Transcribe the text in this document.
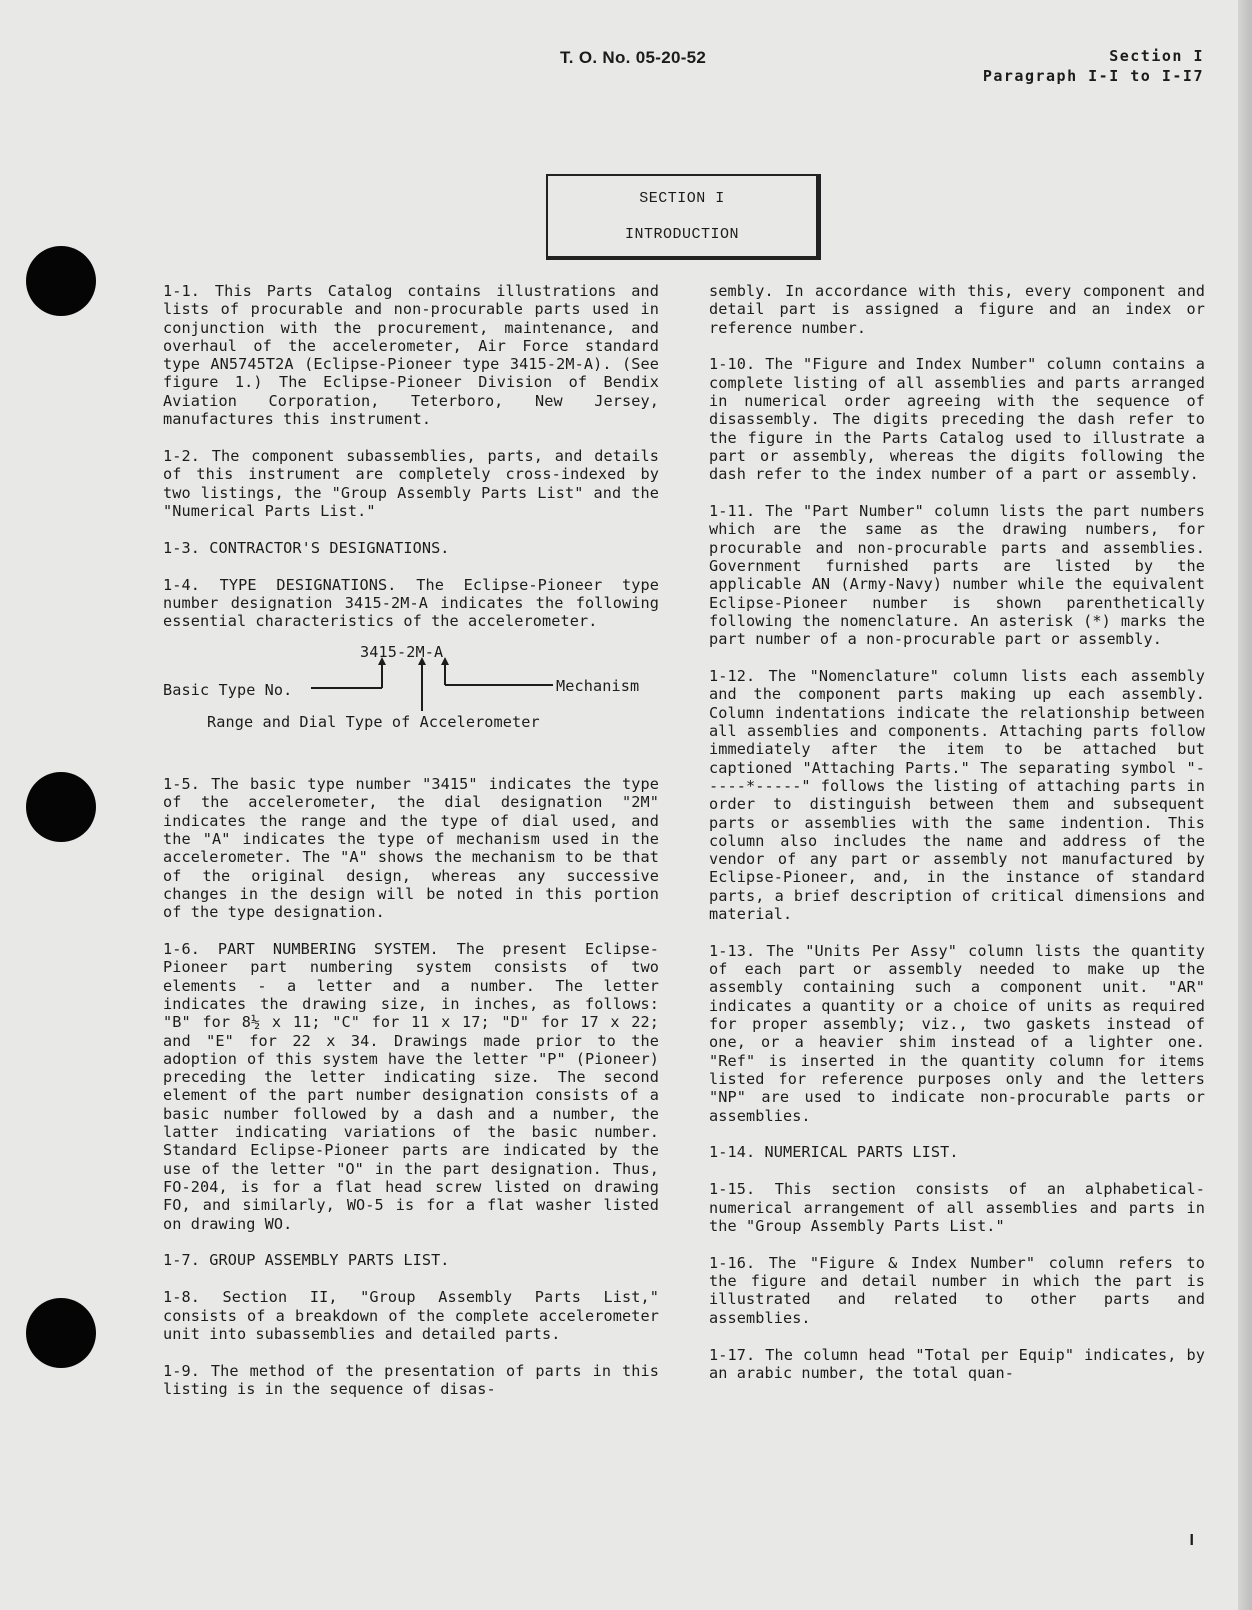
T. O. No. 05-20-52	Section I
Paragraph I-I to I-I7
SECTION I
INTRODUCTION

1-1. This Parts Catalog contains illustrations and lists of procurable and non-procurable parts used in conjunction with the procurement, maintenance, and overhaul of the accelerometer, Air Force standard type AN5745T2A (Eclipse-Pioneer type 3415-2M-A). (See figure 1.) The Eclipse-Pioneer Division of Bendix Aviation Corporation, Teterboro, New Jersey, manufactures this instrument.

1-2. The component subassemblies, parts, and details of this instrument are completely cross-indexed by two listings, the "Group Assembly Parts List" and the "Numerical Parts List."

1-3. CONTRACTOR'S DESIGNATIONS.

1-4. TYPE DESIGNATIONS. The Eclipse-Pioneer type number designation 3415-2M-A indicates the following essential characteristics of the accelerometer.

3415-2M-A
Basic Type No.	Mechanism
Range and Dial Type of Accelerometer

1-5. The basic type number "3415" indicates the type of the accelerometer, the dial designation "2M" indicates the range and the type of dial used, and the "A" indicates the type of mechanism used in the accelerometer. The "A" shows the mechanism to be that of the original design, whereas any successive changes in the design will be noted in this portion of the type designation.

1-6. PART NUMBERING SYSTEM. The present Eclipse-Pioneer part numbering system consists of two elements - a letter and a number. The letter indicates the drawing size, in inches, as follows: "B" for 8½ x 11; "C" for 11 x 17; "D" for 17 x 22; and "E" for 22 x 34. Drawings made prior to the adoption of this system have the letter "P" (Pioneer) preceding the letter indicating size. The second element of the part number designation consists of a basic number followed by a dash and a number, the latter indicating variations of the basic number. Standard Eclipse-Pioneer parts are indicated by the use of the letter "O" in the part designation. Thus, FO-204, is for a flat head screw listed on drawing FO, and similarly, WO-5 is for a flat washer listed on drawing WO.

1-7. GROUP ASSEMBLY PARTS LIST.

1-8. Section II, "Group Assembly Parts List," consists of a breakdown of the complete accelerometer unit into subassemblies and detailed parts.

1-9. The method of the presentation of parts in this listing is in the sequence of disas-

sembly. In accordance with this, every component and detail part is assigned a figure and an index or reference number.

1-10. The "Figure and Index Number" column contains a complete listing of all assemblies and parts arranged in numerical order agreeing with the sequence of disassembly. The digits preceding the dash refer to the figure in the Parts Catalog used to illustrate a part or assembly, whereas the digits following the dash refer to the index number of a part or assembly.

1-11. The "Part Number" column lists the part numbers which are the same as the drawing numbers, for procurable and non-procurable parts and assemblies. Government furnished parts are listed by the applicable AN (Army-Navy) number while the equivalent Eclipse-Pioneer number is shown parenthetically following the nomenclature. An asterisk (*) marks the part number of a non-procurable part or assembly.

1-12. The "Nomenclature" column lists each assembly and the component parts making up each assembly. Column indentations indicate the relationship between all assemblies and components. Attaching parts follow immediately after the item to be attached but captioned "Attaching Parts." The separating symbol "-----*-----" follows the listing of attaching parts in order to distinguish between them and subsequent parts or assemblies with the same indention. This column also includes the name and address of the vendor of any part or assembly not manufactured by Eclipse-Pioneer, and, in the instance of standard parts, a brief description of critical dimensions and material.

1-13. The "Units Per Assy" column lists the quantity of each part or assembly needed to make up the assembly containing such a component unit. "AR" indicates a quantity or a choice of units as required for proper assembly; viz., two gaskets instead of one, or a heavier shim instead of a lighter one. "Ref" is inserted in the quantity column for items listed for reference purposes only and the letters "NP" are used to indicate non-procurable parts or assemblies.

1-14. NUMERICAL PARTS LIST.

1-15. This section consists of an alphabetical-numerical arrangement of all assemblies and parts in the "Group Assembly Parts List."

1-16. The "Figure & Index Number" column refers to the figure and detail number in which the part is illustrated and related to other parts and assemblies.

1-17. The column head "Total per Equip" indicates, by an arabic number, the total quan-

I
